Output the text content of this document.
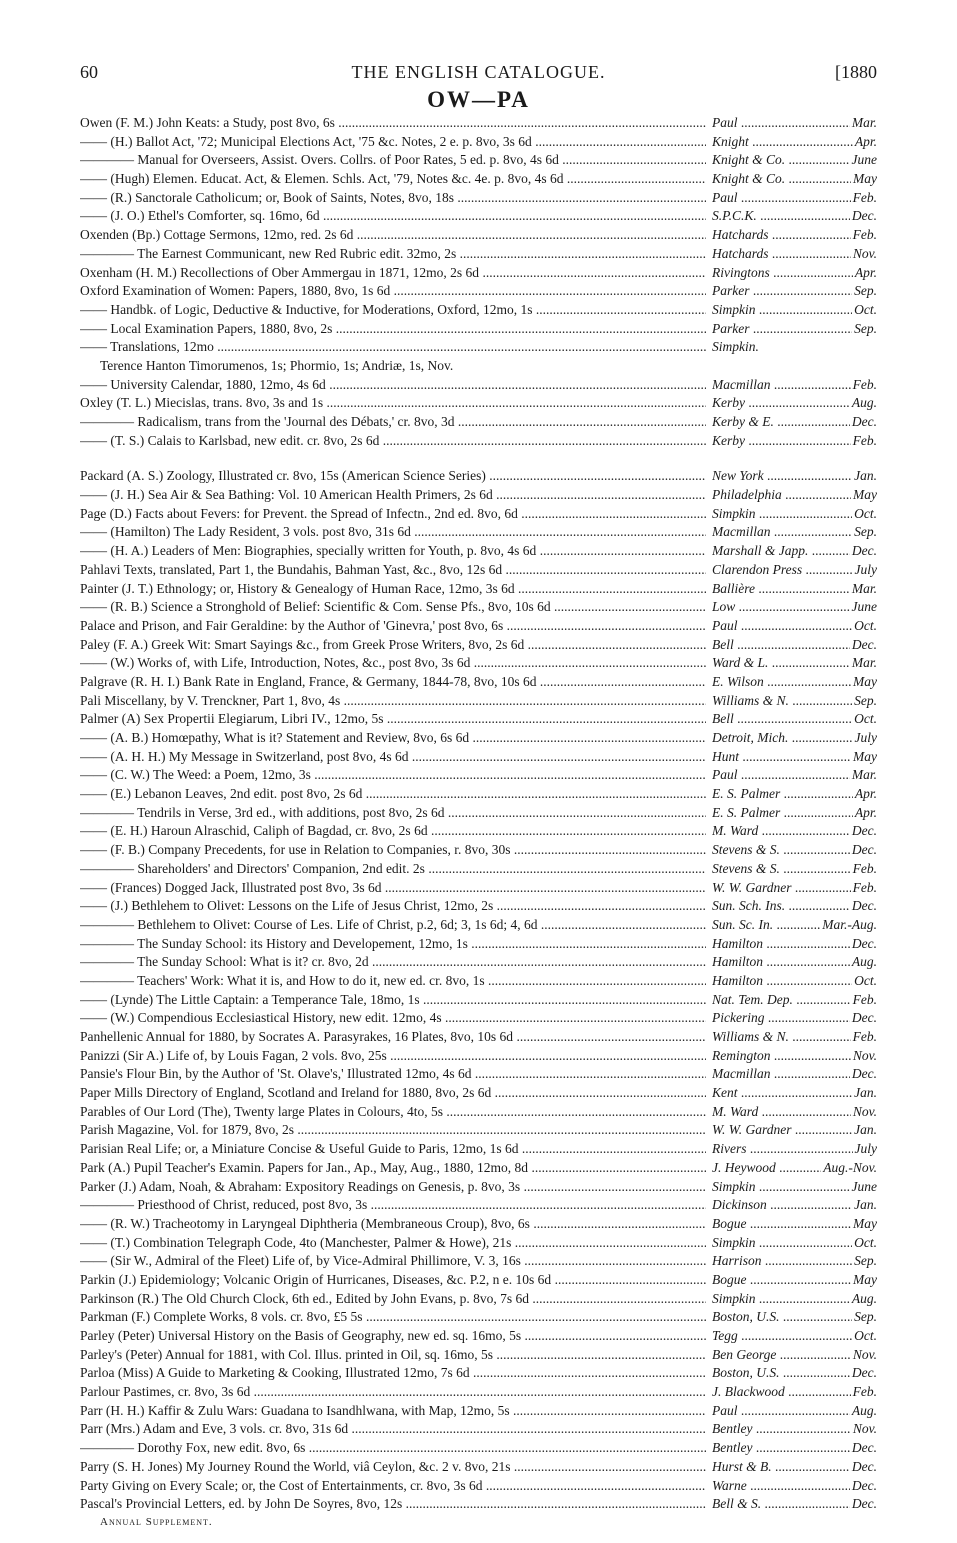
60	THE ENGLISH CATALOGUE.	[1880
OW—PA
Owen (F. M.) John Keats: a Study, post 8vo, 6s .....	Paul .....	Mar.
—— (H.) Ballot Act, '72; Municipal Elections Act, '75 &c. Notes, 2 e. p. 8vo, 3s 6d .....	Knight .....	Apr.
———— Manual for Overseers, Assist. Overs. Collrs. of Poor Rates, 5 ed. p. 8vo, 4s 6d .....	Knight & Co. .....	June
—— (Hugh) Elemen. Educat. Act, & Elemen. Schls. Act, '79, Notes &c. 4e. p. 8vo, 4s 6d .....	Knight & Co. .....	May
—— (R.) Sanctorale Catholicum; or, Book of Saints, Notes, 8vo, 18s .....	Paul .....	Feb.
—— (J. O.) Ethel's Comforter, sq. 16mo, 6d .....	S.P.C.K. .....	Dec.
Oxenden (Bp.) Cottage Sermons, 12mo, red. 2s 6d .....	Hatchards .....	Feb.
———— The Earnest Communicant, new Red Rubric edit. 32mo, 2s .....	Hatchards .....	Nov.
Oxenham (H. M.) Recollections of Ober Ammergau in 1871, 12mo, 2s 6d .....	Rivingtons .....	Apr.
Oxford Examination of Women: Papers, 1880, 8vo, 1s 6d .....	Parker .....	Sep.
—— Handbk. of Logic, Deductive & Inductive, for Moderations, Oxford, 12mo, 1s .....	Simpkin .....	Oct.
—— Local Examination Papers, 1880, 8vo, 2s .....	Parker .....	Sep.
—— Translations, 12mo .....	Simpkin.
Terence Hanton Timorumenos, 1s; Phormio, 1s; Andriæ, 1s, Nov.
—— University Calendar, 1880, 12mo, 4s 6d .....	Macmillan .....	Feb.
Oxley (T. L.) Miecislas, trans. 8vo, 3s and 1s .....	Kerby .....	Aug.
———— Radicalism, trans from the 'Journal des Débats,' cr. 8vo, 3d .....	Kerby & E. .....	Dec.
—— (T. S.) Calais to Karlsbad, new edit. cr. 8vo, 2s 6d .....	Kerby .....	Feb.
Packard (A. S.) Zoology, Illustrated cr. 8vo, 15s (American Science Series) .....	New York .....	Jan.
—— (J. H.) Sea Air & Sea Bathing: Vol. 10 American Health Primers, 2s 6d .....	Philadelphia .....	May
Page (D.) Facts about Fevers: for Prevent. the Spread of Infectn., 2nd ed. 8vo, 6d .....	Simpkin .....	Oct.
—— (Hamilton) The Lady Resident, 3 vols. post 8vo, 31s 6d .....	Macmillan .....	Sep.
—— (H. A.) Leaders of Men: Biographies, specially written for Youth, p. 8vo, 4s 6d .....	Marshall & Japp. .....	Dec.
Pahlavi Texts, translated, Part 1, the Bundahis, Bahman Yast, &c., 8vo, 12s 6d .....	Clarendon Press .....	July
Painter (J. T.) Ethnology; or, History & Genealogy of Human Race, 12mo, 3s 6d .....	Ballière .....	Mar.
—— (R. B.) Science a Stronghold of Belief: Scientific & Com. Sense Pfs., 8vo, 10s 6d .....	Low .....	June
Palace and Prison, and Fair Geraldine: by the Author of 'Ginevra,' post 8vo, 6s .....	Paul .....	Oct.
Paley (F. A.) Greek Wit: Smart Sayings &c., from Greek Prose Writers, 8vo, 2s 6d .....	Bell .....	Dec.
—— (W.) Works of, with Life, Introduction, Notes, &c., post 8vo, 3s 6d .....	Ward & L. .....	Mar.
Palgrave (R. H. I.) Bank Rate in England, France, & Germany, 1844-78, 8vo, 10s 6d .....	E. Wilson .....	May
Pali Miscellany, by V. Trenckner, Part 1, 8vo, 4s .....	Williams & N. .....	Sep.
Palmer (A) Sex Propertii Elegiarum, Libri IV., 12mo, 5s .....	Bell .....	Oct.
—— (A. B.) Homœpathy, What is it? Statement and Review, 8vo, 6s 6d .....	Detroit, Mich. .....	July
—— (A. H. H.) My Message in Switzerland, post 8vo, 4s 6d .....	Hunt .....	May
—— (C. W.) The Weed: a Poem, 12mo, 3s .....	Paul .....	Mar.
—— (E.) Lebanon Leaves, 2nd edit. post 8vo, 2s 6d .....	E. S. Palmer .....	Apr.
———— Tendrils in Verse, 3rd ed., with additions, post 8vo, 2s 6d .....	E. S. Palmer .....	Apr.
—— (E. H.) Haroun Alraschid, Caliph of Bagdad, cr. 8vo, 2s 6d .....	M. Ward .....	Dec.
—— (F. B.) Company Precedents, for use in Relation to Companies, r. 8vo, 30s .....	Stevens & S. .....	Dec.
———— Shareholders' and Directors' Companion, 2nd edit. 2s .....	Stevens & S. .....	Feb.
—— (Frances) Dogged Jack, Illustrated post 8vo, 3s 6d .....	W. W. Gardner .....	Feb.
—— (J.) Bethlehem to Olivet: Lessons on the Life of Jesus Christ, 12mo, 2s .....	Sun. Sch. Ins. .....	Dec.
———— Bethlehem to Olivet: Course of Les. Life of Christ, p.2, 6d; 3, 1s 6d; 4, 6d .....	Sun. Sc. In. .....	Mar.-Aug.
———— The Sunday School: its History and Developement, 12mo, 1s .....	Hamilton .....	Dec.
———— The Sunday School: What is it? cr. 8vo, 2d .....	Hamilton .....	Aug.
———— Teachers' Work: What it is, and How to do it, new ed. cr. 8vo, 1s .....	Hamilton .....	Oct.
—— (Lynde) The Little Captain: a Temperance Tale, 18mo, 1s .....	Nat. Tem. Dep. .....	Feb.
—— (W.) Compendious Ecclesiastical History, new edit. 12mo, 4s .....	Pickering .....	Dec.
Panhellenic Annual for 1880, by Socrates A. Parasyrakes, 16 Plates, 8vo, 10s 6d .....	Williams & N. .....	Feb.
Panizzi (Sir A.) Life of, by Louis Fagan, 2 vols. 8vo, 25s .....	Remington .....	Nov.
Pansie's Flour Bin, by the Author of 'St. Olave's,' Illustrated 12mo, 4s 6d .....	Macmillan .....	Dec.
Paper Mills Directory of England, Scotland and Ireland for 1880, 8vo, 2s 6d .....	Kent .....	Jan.
Parables of Our Lord (The), Twenty large Plates in Colours, 4to, 5s .....	M. Ward .....	Nov.
Parish Magazine, Vol. for 1879, 8vo, 2s .....	W. W. Gardner .....	Jan.
Parisian Real Life; or, a Miniature Concise & Useful Guide to Paris, 12mo, 1s 6d .....	Rivers .....	July
Park (A.) Pupil Teacher's Examin. Papers for Jan., Ap., May, Aug., 1880, 12mo, 8d .....	J. Heywood .....	Aug.-Nov.
Parker (J.) Adam, Noah, & Abraham: Expository Readings on Genesis, p. 8vo, 3s .....	Simpkin .....	June
———— Priesthood of Christ, reduced, post 8vo, 3s .....	Dickinson .....	Jan.
—— (R. W.) Tracheotomy in Laryngeal Diphtheria (Membraneous Croup), 8vo, 6s .....	Bogue .....	May
—— (T.) Combination Telegraph Code, 4to (Manchester, Palmer & Howe), 21s .....	Simpkin .....	Oct.
—— (Sir W., Admiral of the Fleet) Life of, by Vice-Admiral Phillimore, V. 3, 16s .....	Harrison .....	Sep.
Parkin (J.) Epidemiology; Volcanic Origin of Hurricanes, Diseases, &c. P.2, n e. 10s 6d .....	Bogue .....	May
Parkinson (R.) The Old Church Clock, 6th ed., Edited by John Evans, p. 8vo, 7s 6d .....	Simpkin .....	Aug.
Parkman (F.) Complete Works, 8 vols. cr. 8vo, £5 5s .....	Boston, U.S. .....	Sep.
Parley (Peter) Universal History on the Basis of Geography, new ed. sq. 16mo, 5s .....	Tegg .....	Oct.
Parley's (Peter) Annual for 1881, with Col. Illus. printed in Oil, sq. 16mo, 5s .....	Ben George .....	Nov.
Parloa (Miss) A Guide to Marketing & Cooking, Illustrated 12mo, 7s 6d .....	Boston, U.S. .....	Dec.
Parlour Pastimes, cr. 8vo, 3s 6d .....	J. Blackwood .....	Feb.
Parr (H. H.) Kaffir & Zulu Wars: Guadana to Isandhlwana, with Map, 12mo, 5s .....	Paul .....	Aug.
Parr (Mrs.) Adam and Eve, 3 vols. cr. 8vo, 31s 6d .....	Bentley .....	Nov.
———— Dorothy Fox, new edit. 8vo, 6s .....	Bentley .....	Dec.
Parry (S. H. Jones) My Journey Round the World, viâ Ceylon, &c. 2 v. 8vo, 21s .....	Hurst & B. .....	Dec.
Party Giving on Every Scale; or, the Cost of Entertainments, cr. 8vo, 3s 6d .....	Warne .....	Dec.
Pascal's Provincial Letters, ed. by John De Soyres, 8vo, 12s .....	Bell & S. .....	Dec.
Annual Supplement.
